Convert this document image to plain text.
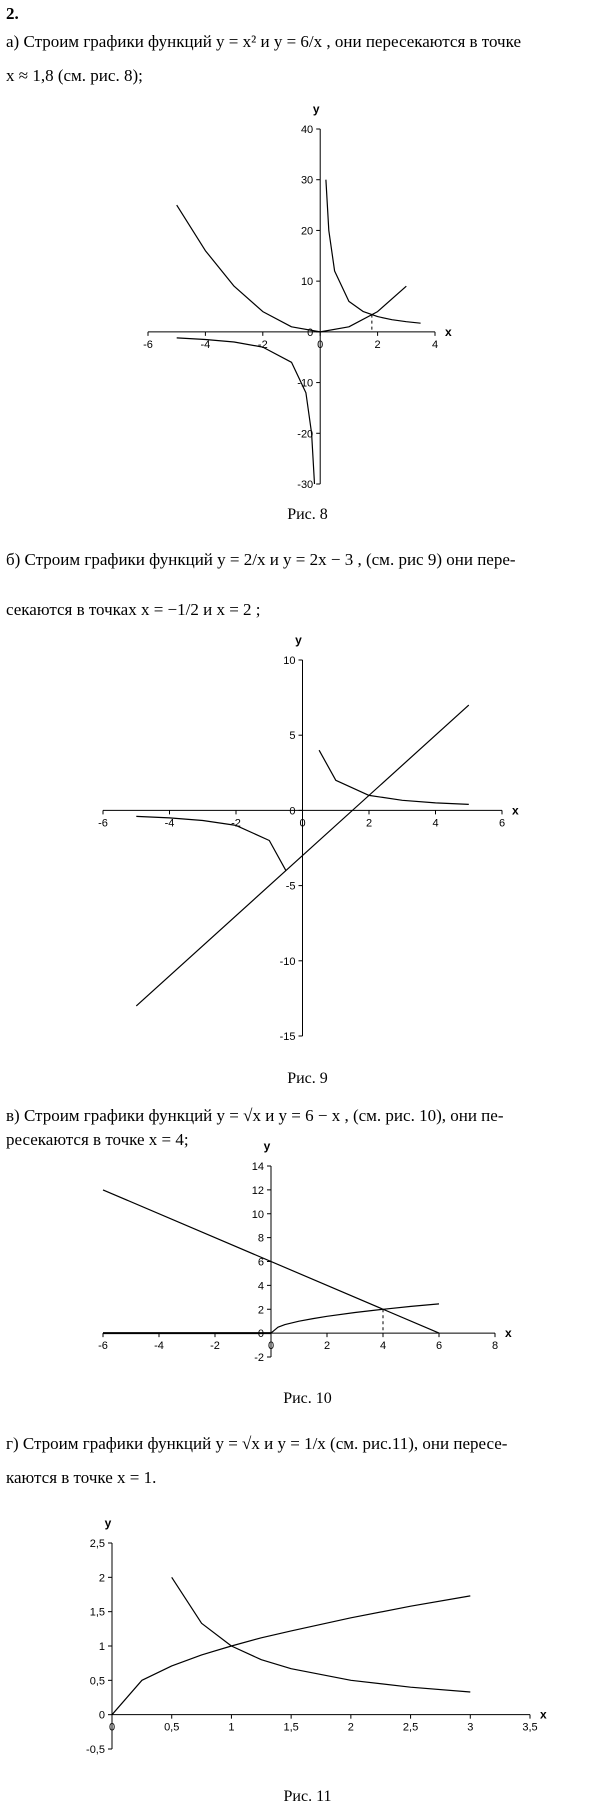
2.
а) Строим графики функций y = x² и y = 6/x , они пересекаются в точке
x ≈ 1,8 (см. рис. 8);
б) Строим графики функций y = 2/x и y = 2x − 3 , (см. рис 9) они пере-
секаются в точках x = −1/2 и x = 2 ;
в) Строим графики функций y = √x и y = 6 − x , (см. рис. 10), они пе-
ресекаются в точке x = 4;
г) Строим графики функций y = √x и y = 1/x (см. рис.11), они пересе-
каются в точке x = 1.
Рис. 8
Рис. 9
Рис. 10
Рис. 11
-6	-4	-2	0	2	4
40
30
20
10
0
-10
-20
-30
x
y
-6	-4	-2	0	2	4	6
10
5
0
-5
-10
-15
x
y
-6	-4	-2	0	2	4	6	8
14
12
10
8
6
4
2
0
-2
x
y
0	0,5	1	1,5	2	2,5	3	3,5
2,5
2
1,5
1
0,5
0
-0,5
x
y
